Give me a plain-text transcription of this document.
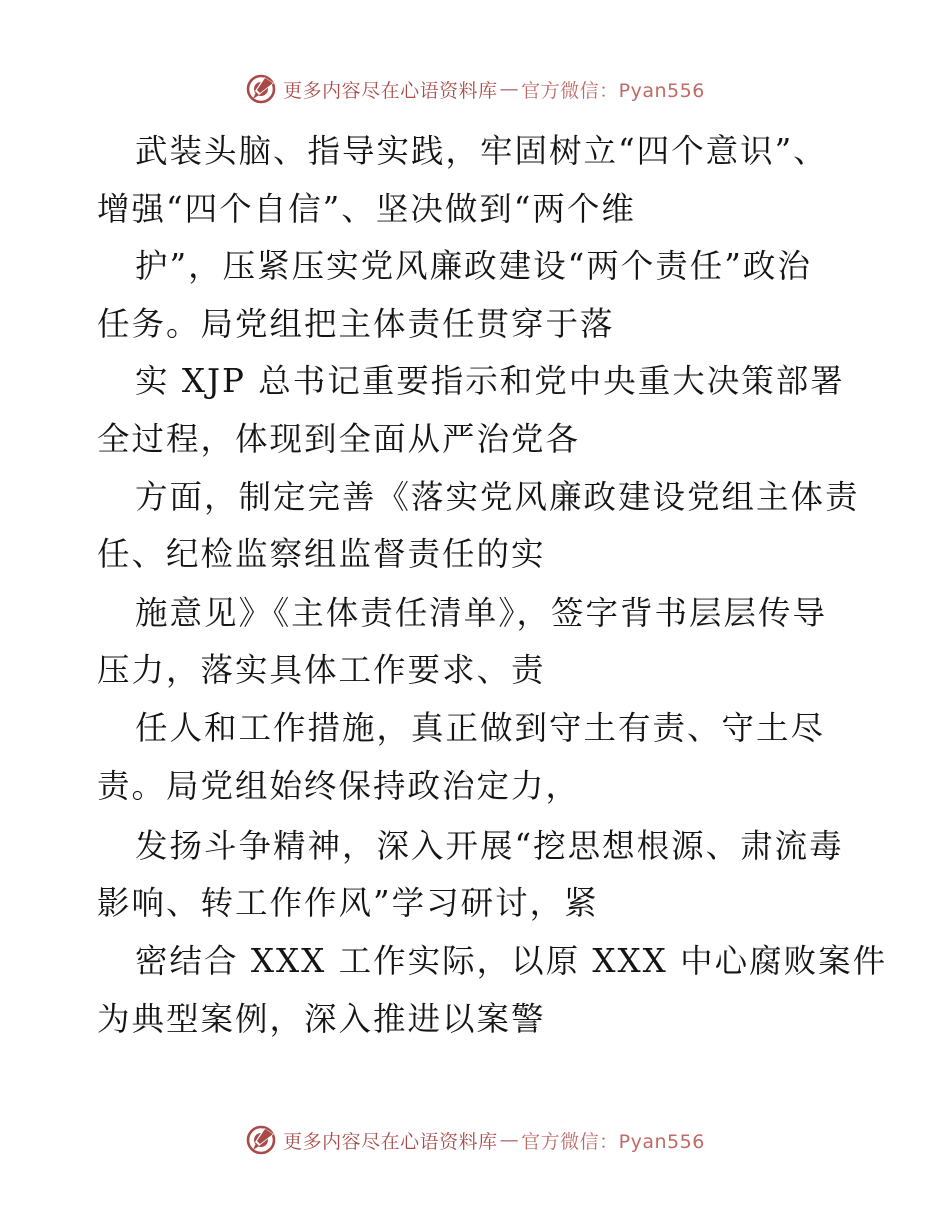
更多内容尽在心语资料库 — 官方微信：Pyan556
武装头脑、指导实践，牢固树立“四个意识”、
增强“四个自信”、坚决做到“两个维
护”，压紧压实党风廉政建设“两个责任”政治
任务。局党组把主体责任贯穿于落
实 XJP 总书记重要指示和党中央重大决策部署
全过程，体现到全面从严治党各
方面，制定完善《落实党风廉政建设党组主体责
任、纪检监察组监督责任的实
施意见》《主体责任清单》，签字背书层层传导
压力，落实具体工作要求、责
任人和工作措施，真正做到守土有责、守土尽
责。局党组始终保持政治定力，
发扬斗争精神，深入开展“挖思想根源、肃流毒
影响、转工作作风”学习研讨，紧
密结合 XXX 工作实际，以原 XXX 中心腐败案件
为典型案例，深入推进以案警
更多内容尽在心语资料库 — 官方微信：Pyan556
